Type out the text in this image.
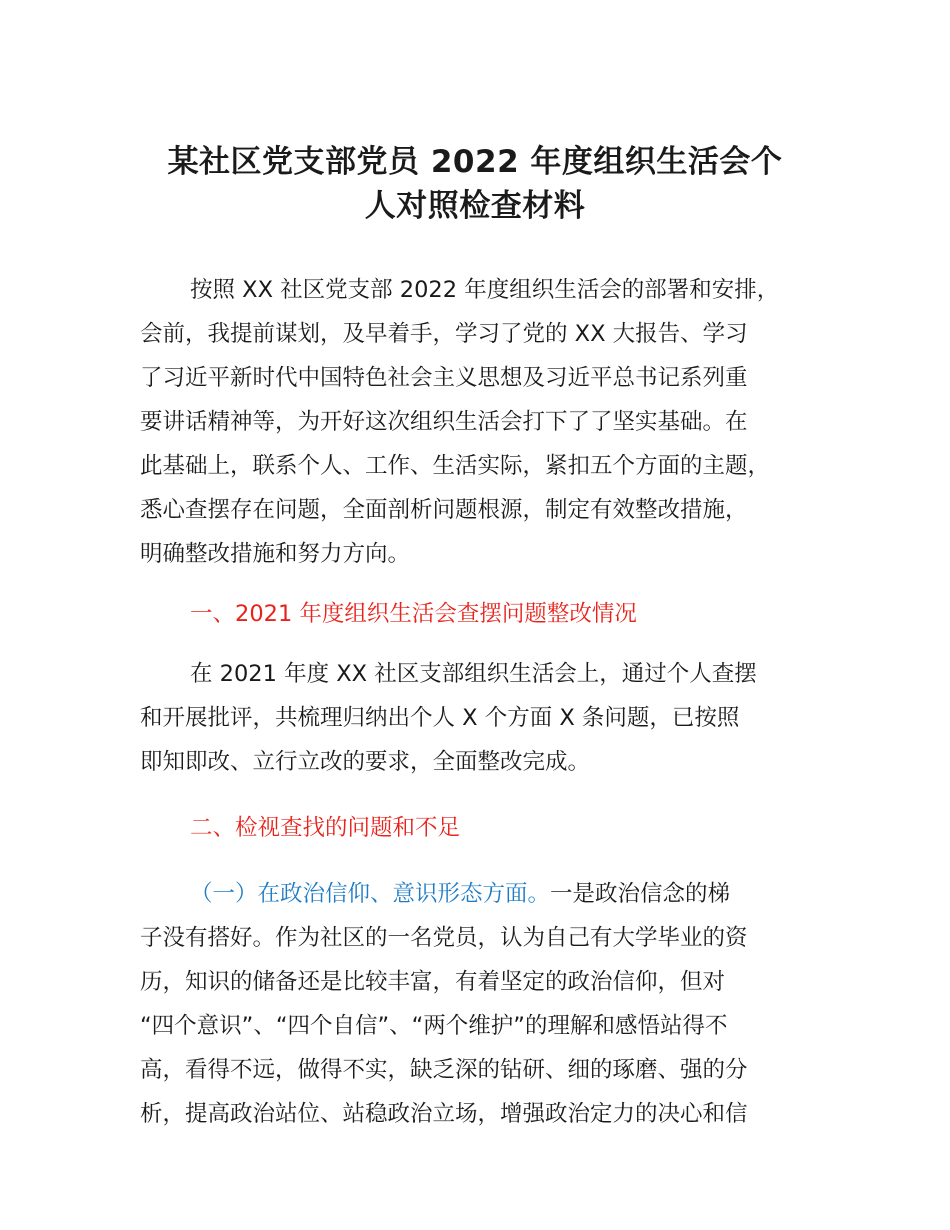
某社区党支部党员 2022 年度组织生活会个
人对照检查材料
按照 XX 社区党支部 2022 年度组织生活会的部署和安排，
会前，我提前谋划，及早着手，学习了党的 XX 大报告、学习
了习近平新时代中国特色社会主义思想及习近平总书记系列重
要讲话精神等，为开好这次组织生活会打下了了坚实基础。在
此基础上，联系个人、工作、生活实际，紧扣五个方面的主题，
悉心查摆存在问题，全面剖析问题根源，制定有效整改措施，
明确整改措施和努力方向。
一、2021 年度组织生活会查摆问题整改情况
在 2021 年度 XX 社区支部组织生活会上，通过个人查摆
和开展批评，共梳理归纳出个人 X 个方面 X 条问题，已按照
即知即改、立行立改的要求，全面整改完成。
二、检视查找的问题和不足
（一）在政治信仰、意识形态方面。一是政治信念的梯
子没有搭好。作为社区的一名党员，认为自己有大学毕业的资
历，知识的储备还是比较丰富，有着坚定的政治信仰，但对
“四个意识”、“四个自信”、“两个维护”的理解和感悟站得不
高，看得不远，做得不实，缺乏深的钻研、细的琢磨、强的分
析，提高政治站位、站稳政治立场，增强政治定力的决心和信
